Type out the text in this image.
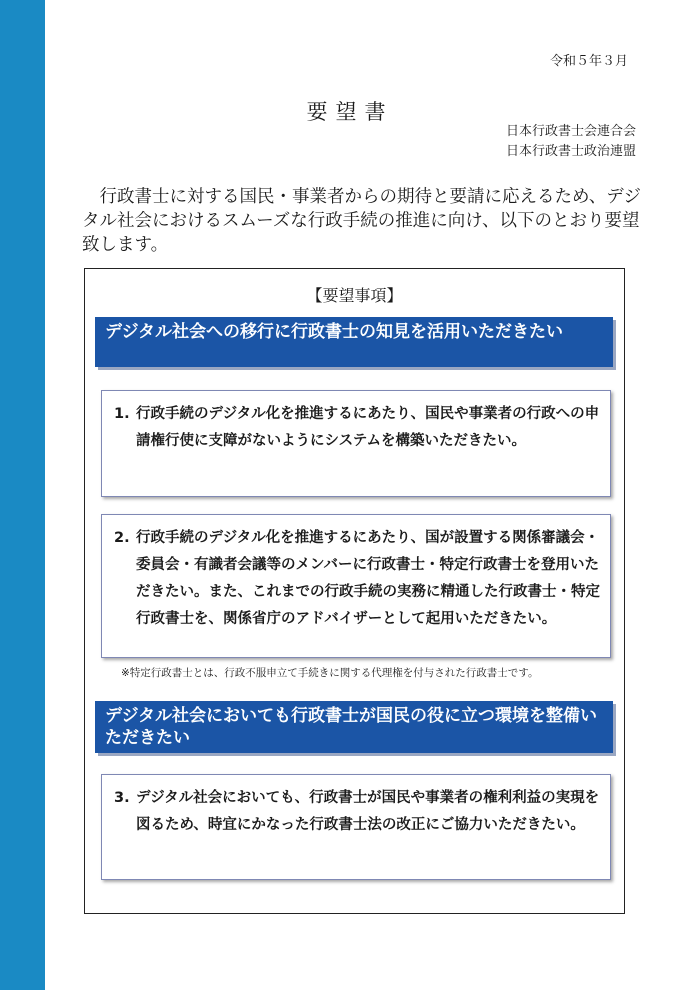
令和５年３月
要望書
日本行政書士会連合会
日本行政書士政治連盟
行政書士に対する国民・事業者からの期待と要請に応えるため、デジタル社会におけるスムーズな行政手続の推進に向け、以下のとおり要望致します。
【要望事項】
デジタル社会への移行に行政書士の知見を活用いただきたい
1. 行政手続のデジタル化を推進するにあたり、国民や事業者の行政への申請権行使に支障がないようにシステムを構築いただきたい。
2. 行政手続のデジタル化を推進するにあたり、国が設置する関係審議会・委員会・有識者会議等のメンバーに行政書士・特定行政書士を登用いただきたい。また、これまでの行政手続の実務に精通した行政書士・特定行政書士を、関係省庁のアドバイザーとして起用いただきたい。
※特定行政書士とは、行政不服申立て手続きに関する代理権を付与された行政書士です。
デジタル社会においても行政書士が国民の役に立つ環境を整備いただきたい
3. デジタル社会においても、行政書士が国民や事業者の権利利益の実現を図るため、時宜にかなった行政書士法の改正にご協力いただきたい。
